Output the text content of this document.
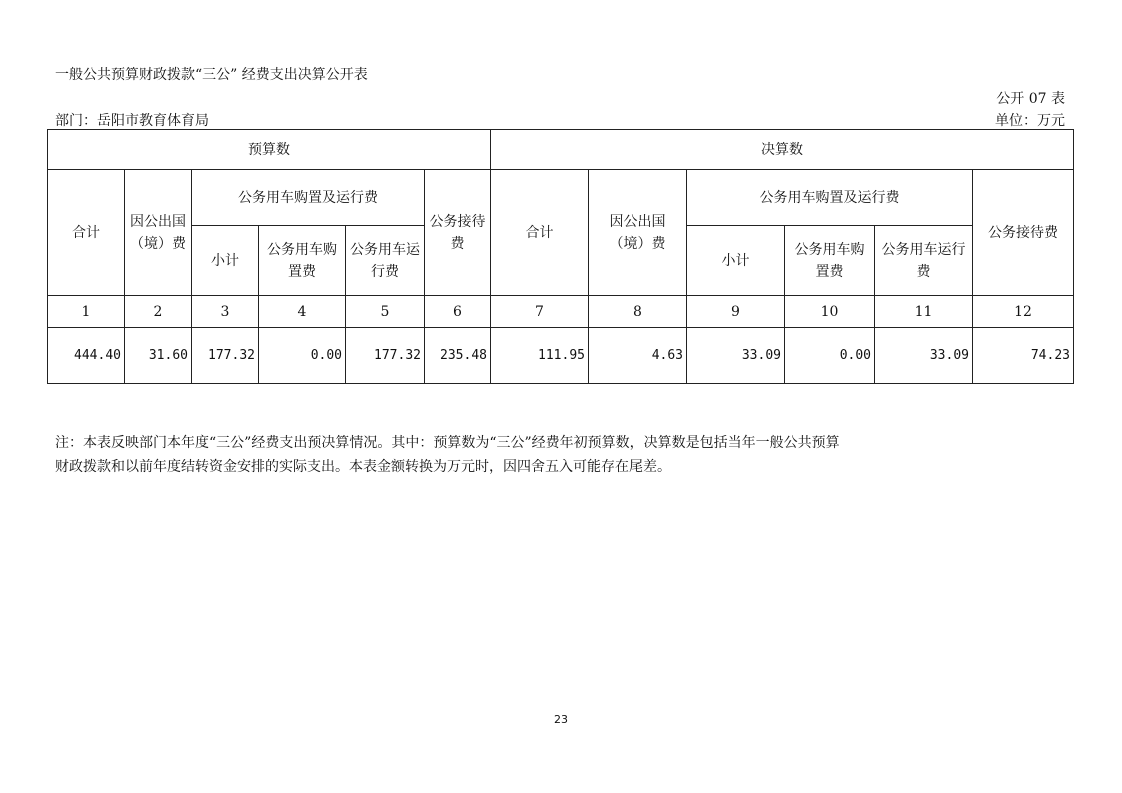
一般公共预算财政拨款“三公” 经费支出决算公开表
公开 07 表
部门：岳阳市教育体育局	单位：万元
预算数						决算数					
合计	因公出国（境）费	公务用车购置及运行费			公务接待费	合计	因公出国（境）费	公务用车购置及运行费			公务接待费
		小计	公务用车购置费	公务用车运行费				小计	公务用车购置费	公务用车运行费	
1	2	3	4	5	6	7	8	9	10	11	12
444.40	31.60	177.32	0.00	177.32	235.48	111.95	4.63	33.09	0.00	33.09	74.23
注：本表反映部门本年度“三公”经费支出预决算情况。其中：预算数为“三公”经费年初预算数，决算数是包括当年一般公共预算
财政拨款和以前年度结转资金安排的实际支出。本表金额转换为万元时，因四舍五入可能存在尾差。
23
